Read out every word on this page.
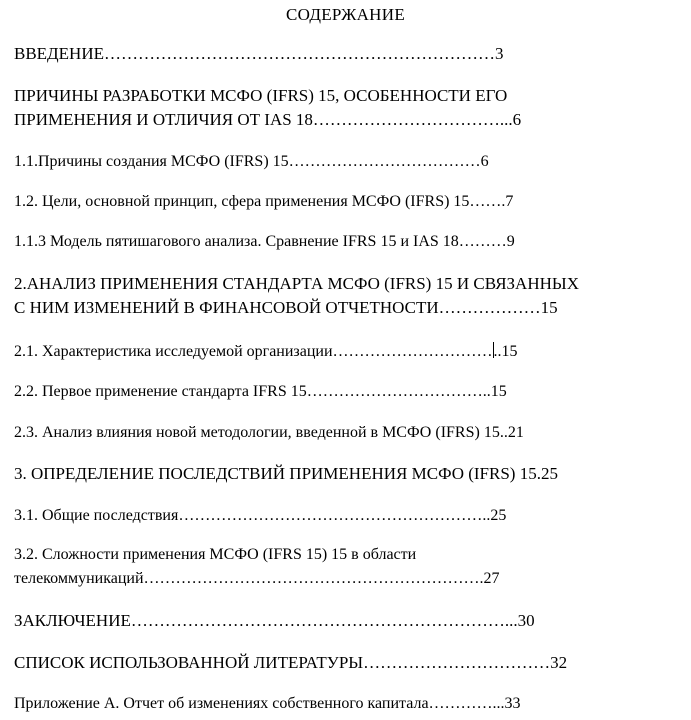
СОДЕРЖАНИЕ
ВВЕДЕНИЕ……………………………………………………………3
ПРИЧИНЫ РАЗРАБОТКИ МСФО (IFRS) 15, ОСОБЕННОСТИ ЕГО
ПРИМЕНЕНИЯ И ОТЛИЧИЯ ОТ IAS 18……………………………...6
1.1.Причины создания МСФО (IFRS) 15………………………………6
1.2. Цели, основной принцип, сфера применения МСФО (IFRS) 15…….7
1.1.3 Модель пятишагового анализа. Сравнение IFRS 15 и IAS 18………9
2.АНАЛИЗ ПРИМЕНЕНИЯ СТАНДАРТА МСФО (IFRS) 15 И СВЯЗАННЫХ
С НИМ ИЗМЕНЕНИЙ В ФИНАНСОВОЙ ОТЧЕТНОСТИ………………15
2.1. Характеристика исследуемой организации…………………………..15
2.2. Первое применение стандарта IFRS 15……………………………..15
2.3. Анализ влияния новой методологии, введенной в МСФО (IFRS) 15..21
3. ОПРЕДЕЛЕНИЕ ПОСЛЕДСТВИЙ ПРИМЕНЕНИЯ МСФО (IFRS) 15.25
3.1. Общие последствия…………………………………………………..25
3.2. Сложности применения МСФО (IFRS 15) 15 в области
телекоммуникаций……………………………………………………….27
ЗАКЛЮЧЕНИЕ…………………………………………………………...30
СПИСОК ИСПОЛЬЗОВАННОЙ ЛИТЕРАТУРЫ……………………………32
Приложение А. Отчет об изменениях собственного капитала…………...33
